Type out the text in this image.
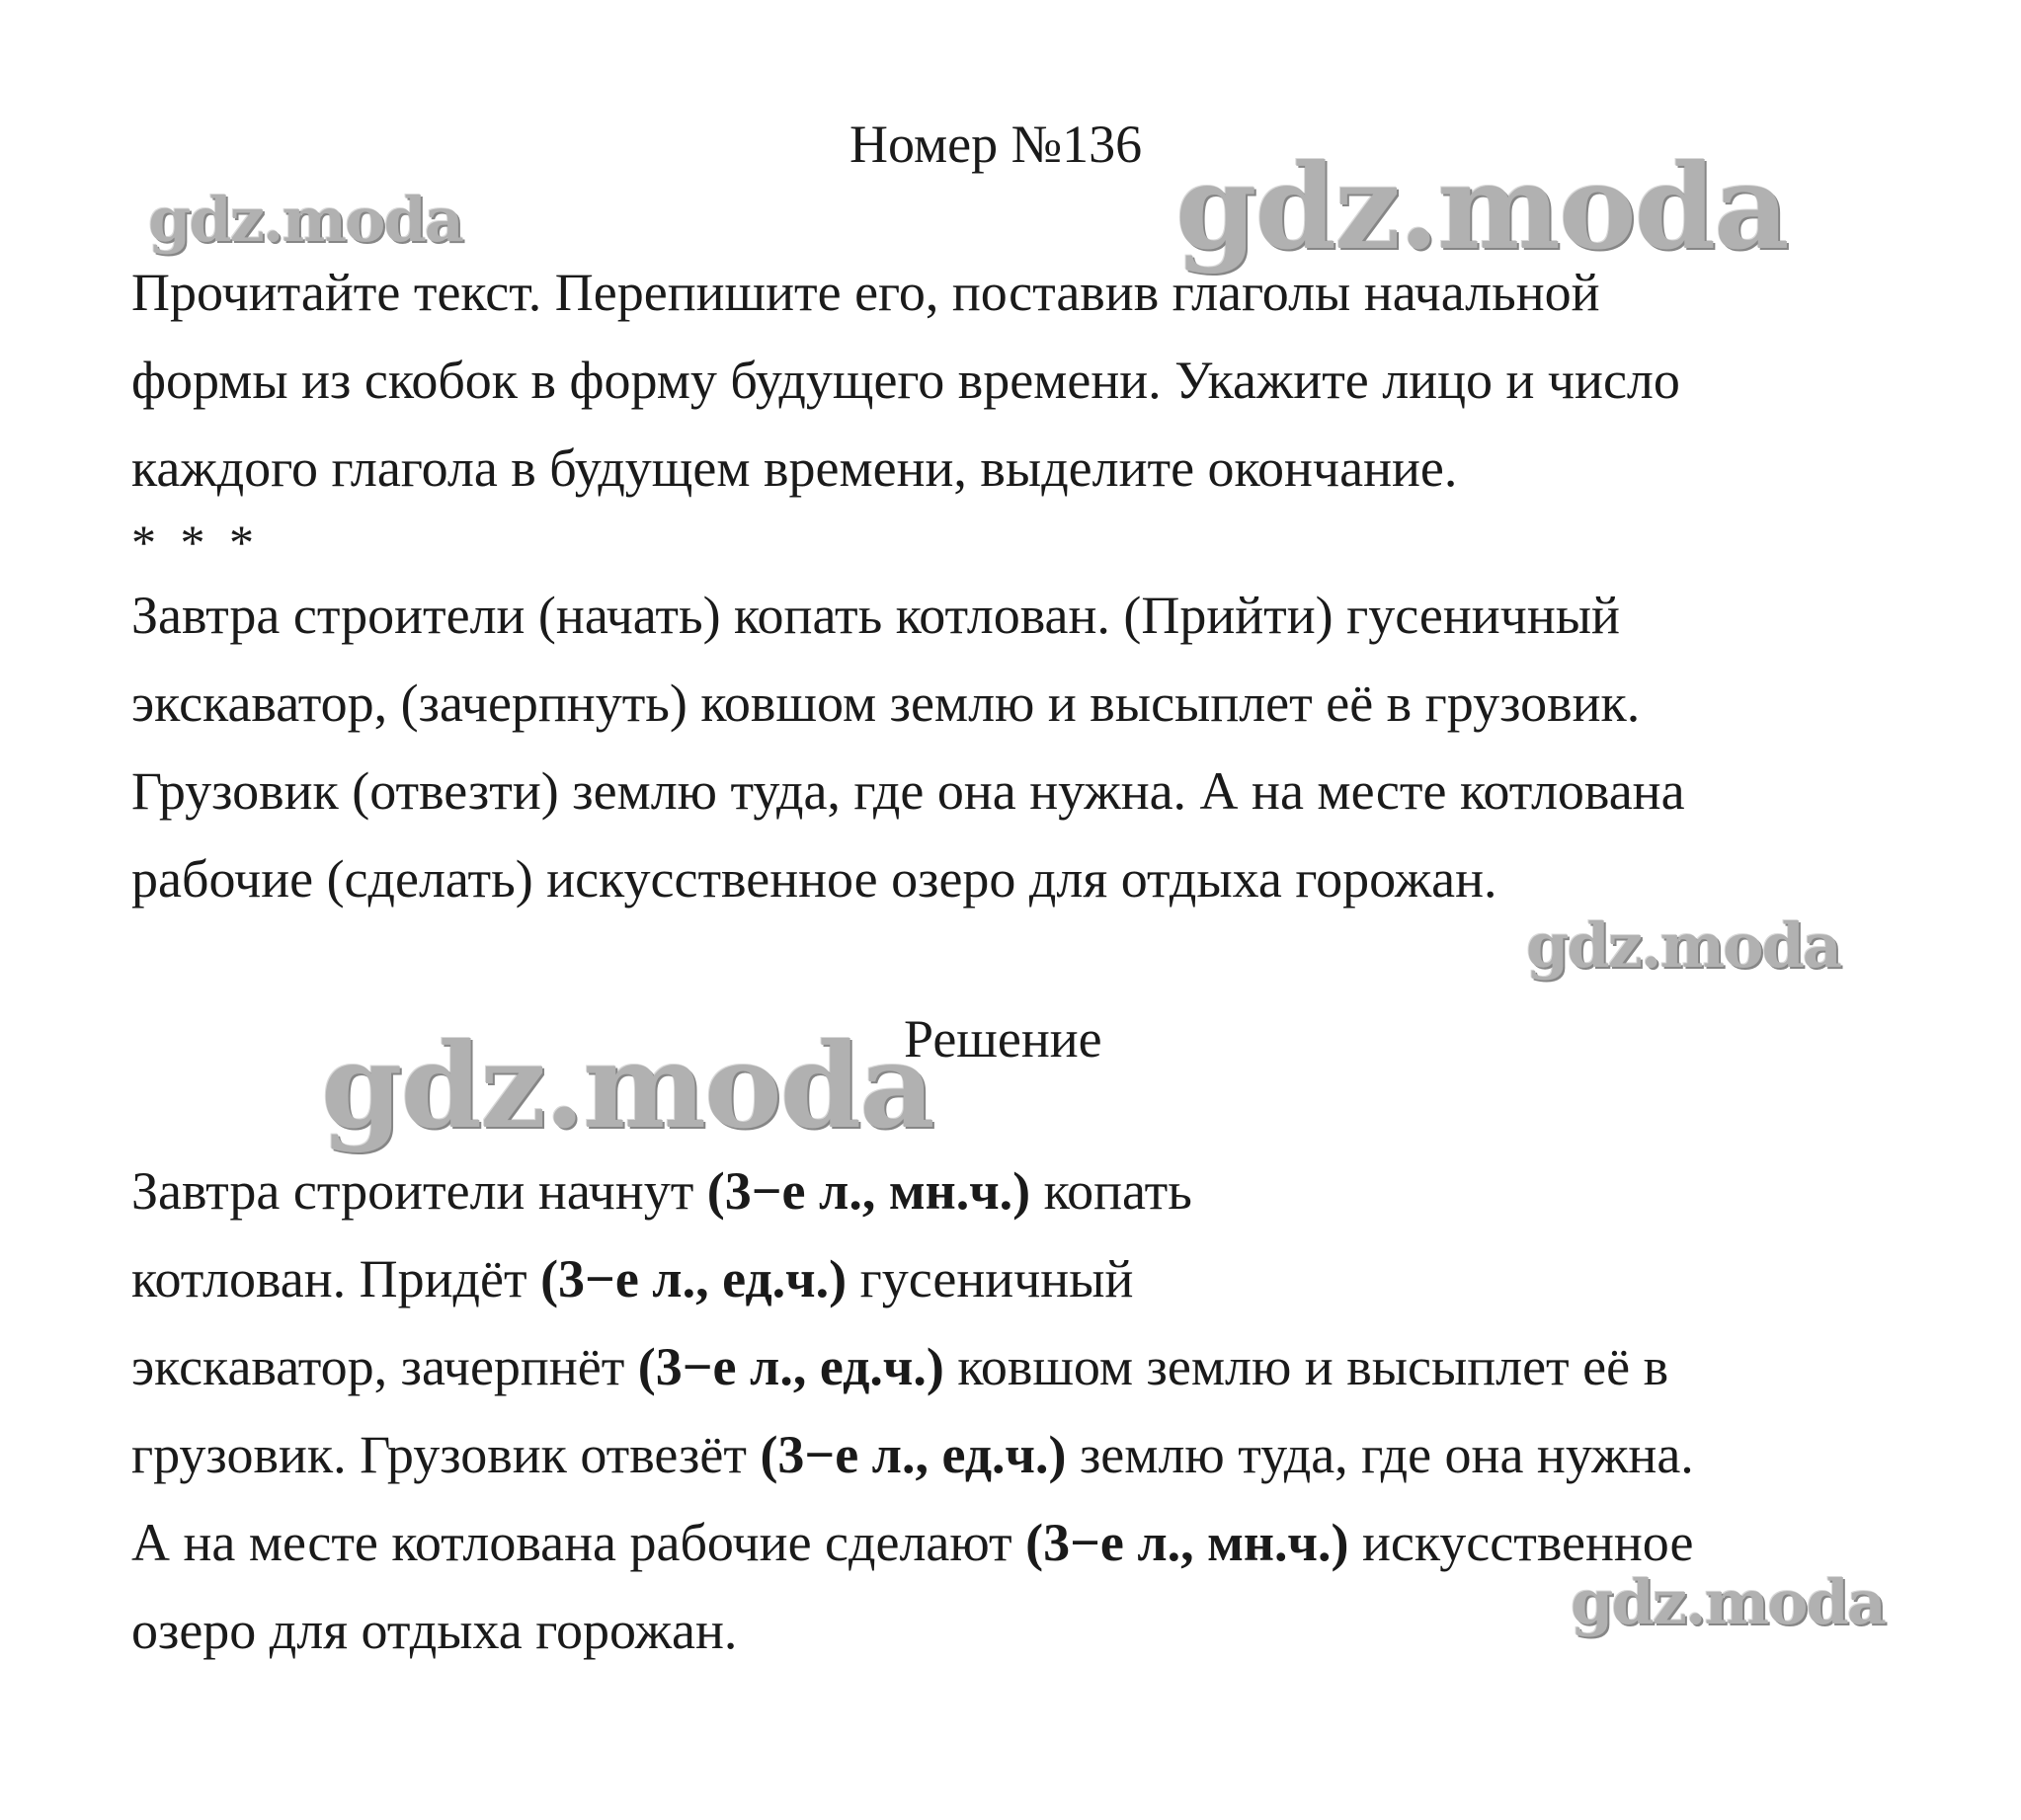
Номер №136
gdz.moda	gdz.moda

Прочитайте текст. Перепишите его, поставив глаголы начальной

формы из скобок в форму будущего времени. Укажите лицо и число

каждого глагола в будущем времени, выделите окончание.

* * *

Завтра строители (начать) копать котлован. (Прийти) гусеничный

экскаватор, (зачерпнуть) ковшом землю и высыплет её в грузовик.

Грузовик (отвезти) землю туда, где она нужна. А на месте котлована

рабочие (сделать) искусственное озеро для отдыха горожан.

gdz.moda
Решение
gdz.moda

Завтра строители начнут (3−е л., мн.ч.) копать

котлован. Придёт (3−е л., ед.ч.) гусеничный

экскаватор, зачерпнёт (3−е л., ед.ч.) ковшом землю и высыплет её в

грузовик. Грузовик отвезёт (3−е л., ед.ч.) землю туда, где она нужна.

А на месте котлована рабочие сделают (3−е л., мн.ч.) искусственное

озеро для отдыха горожан.	gdz.moda
